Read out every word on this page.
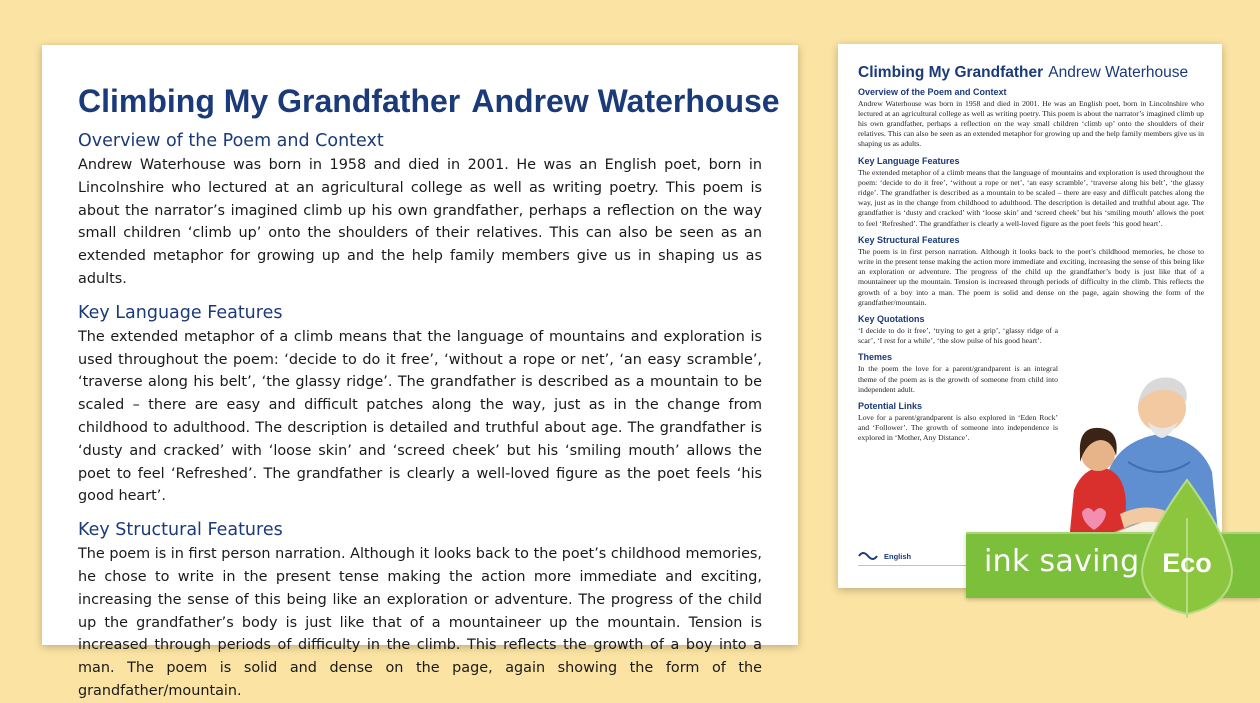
Climbing My Grandfather Andrew Waterhouse
Overview of the Poem and Context

Andrew Waterhouse was born in 1958 and died in 2001. He was an English poet, born in Lincolnshire who lectured at an agricultural college as well as writing poetry. This poem is about the narrator’s imagined climb up his own grandfather, perhaps a reflection on the way small children ‘climb up’ onto the shoulders of their relatives. This can also be seen as an extended metaphor for growing up and the help family members give us in shaping us as adults.

Key Language Features

The extended metaphor of a climb means that the language of mountains and exploration is used throughout the poem: ‘decide to do it free’, ‘without a rope or net’, ‘an easy scramble’, ‘traverse along his belt’, ‘the glassy ridge’. The grandfather is described as a mountain to be scaled – there are easy and difficult patches along the way, just as in the change from childhood to adulthood. The description is detailed and truthful about age. The grandfather is ‘dusty and cracked’ with ‘loose skin’ and ‘screed cheek’ but his ‘smiling mouth’ allows the poet to feel ‘Refreshed’. The grandfather is clearly a well-loved figure as the poet feels ‘his good heart’.

Key Structural Features

The poem is in first person narration. Although it looks back to the poet’s childhood memories, he chose to write in the present tense making the action more immediate and exciting, increasing the sense of this being like an exploration or adventure. The progress of the child up the grandfather’s body is just like that of a mountaineer up the mountain. Tension is increased through periods of difficulty in the climb. This reflects the growth of a boy into a man. The poem is solid and dense on the page, again showing the form of the grandfather/mountain.

Climbing My Grandfather Andrew Waterhouse
Overview of the Poem and Context

Andrew Waterhouse was born in 1958 and died in 2001. He was an English poet, born in Lincolnshire who lectured at an agricultural college as well as writing poetry. This poem is about the narrator’s imagined climb up his own grandfather, perhaps a reflection on the way small children ‘climb up’ onto the shoulders of their relatives. This can also be seen as an extended metaphor for growing up and the help family members give us in shaping us as adults.

Key Language Features

The extended metaphor of a climb means that the language of mountains and exploration is used throughout the poem: ‘decide to do it free’, ‘without a rope or net’, ‘an easy scramble’, ‘traverse along his belt’, ‘the glassy ridge’. The grandfather is described as a mountain to be scaled – there are easy and difficult patches along the way, just as in the change from childhood to adulthood. The description is detailed and truthful about age. The grandfather is ‘dusty and cracked’ with ‘loose skin’ and ‘screed cheek’ but his ‘smiling mouth’ allows the poet to feel ‘Refreshed’. The grandfather is clearly a well-loved figure as the poet feels ‘his good heart’.

Key Structural Features

The poem is in first person narration. Although it looks back to the poet’s childhood memories, he chose to write in the present tense making the action more immediate and exciting, increasing the sense of this being like an exploration or adventure. The progress of the child up the grandfather’s body is just like that of a mountaineer up the mountain. Tension is increased through periods of difficulty in the climb. This reflects the growth of a boy into a man. The poem is solid and dense on the page, again showing the form of the grandfather/mountain.

Key Quotations

‘I decide to do it free’, ‘trying to get a grip’, ‘glassy ridge of a scar’, ‘I rest for a while’, ‘the slow pulse of his good heart’.

Themes

In the poem the love for a parent/grandparent is an integral theme of the poem as is the growth of someone from child into independent adult.

Potential Links

Love for a parent/grandparent is also explored in ‘Eden Rock’ and ‘Follower’. The growth of someone into independence is explored in ‘Mother, Any Distance’.

English ink saving Eco
